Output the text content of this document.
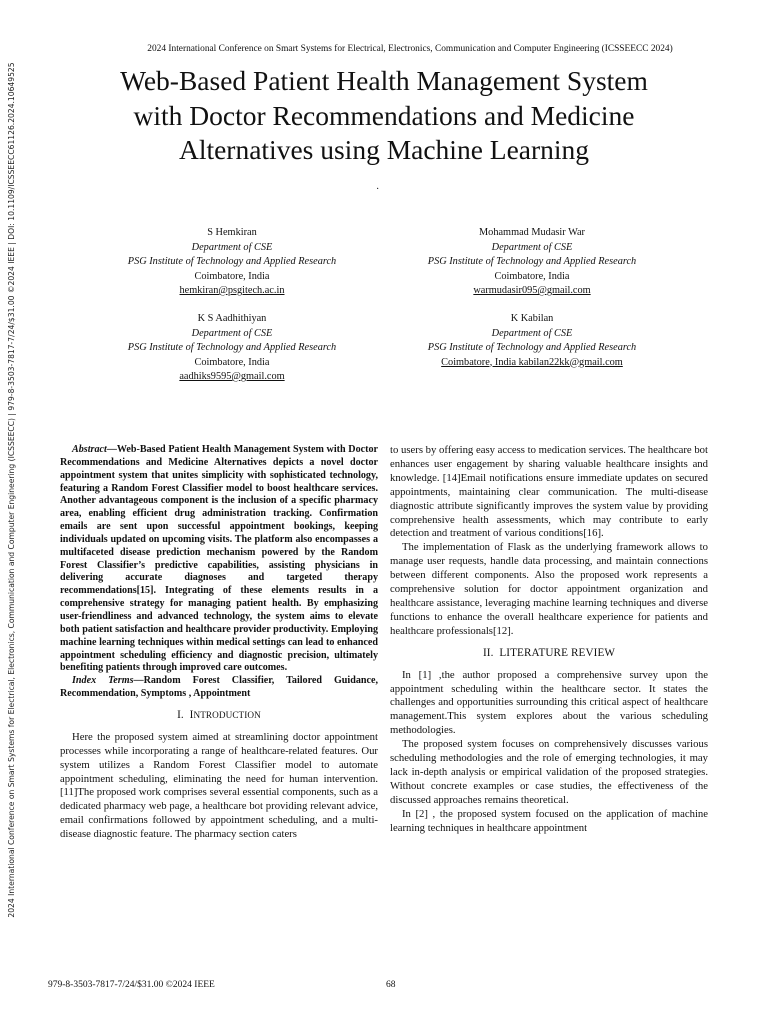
2024 International Conference on Smart Systems for Electrical, Electronics, Communication and Computer Engineering (ICSSEECC) | 979-8-3503-7817-7/24/$31.00 ©2024 IEEE | DOI: 10.1109/ICSSEECC61126.2024.10649525
2024 International Conference on Smart Systems for Electrical, Electronics, Communication and Computer Engineering (ICSSEECC 2024)
Web-Based Patient Health Management System
with Doctor Recommendations and Medicine
Alternatives using Machine Learning
·
S Hemkiran
Department of CSE
PSG Institute of Technology and Applied Research
Coimbatore, India
hemkiran@psgitech.ac.in
Mohammad Mudasir War
Department of CSE
PSG Institute of Technology and Applied Research
Coimbatore, India
warmudasir095@gmail.com
K S Aadhithiyan
Department of CSE
PSG Institute of Technology and Applied Research
Coimbatore, India
aadhiks9595@gmail.com
K Kabilan
Department of CSE
PSG Institute of Technology and Applied Research
Coimbatore, India kabilan22kk@gmail.com

Abstract—Web-Based Patient Health Management System with Doctor Recommendations and Medicine Alternatives depicts a novel doctor appointment system that unites simplicity with sophisticated technology, featuring a Random Forest Classifier model to boost healthcare services. Another advantageous component is the inclusion of a specific pharmacy area, enabling efficient drug administration tracking. Confirmation emails are sent upon successful appointment bookings, keeping individuals updated on upcoming visits. The platform also encompasses a multifaceted disease prediction mechanism powered by the Random Forest Classifier’s predictive capabilities, assisting physicians in delivering accurate diagnoses and targeted therapy recommendations[15]. Integrating of these elements results in a comprehensive strategy for managing patient health. By emphasizing user-friendliness and advanced technology, the system aims to elevate both patient satisfaction and healthcare provider productivity. Employing machine learning techniques within medical settings can lead to enhanced appointment scheduling efficiency and diagnostic precision, ultimately benefiting patients through improved care outcomes.

Index Terms—Random Forest Classifier, Tailored Guidance, Recommendation, Symptoms , Appointment

I. INTRODUCTION

Here the proposed system aimed at streamlining doctor appointment processes while incorporating a range of healthcare-related features. Our system utilizes a Random Forest Classifier model to automate appointment scheduling, eliminating the need for human intervention. [11]The proposed work comprises several essential components, such as a dedicated pharmacy web page, a healthcare bot providing relevant advice, email confirmations followed by appointment scheduling, and a multi-disease diagnostic feature. The pharmacy section caters

to users by offering easy access to medication services. The healthcare bot enhances user engagement by sharing valuable healthcare insights and knowledge. [14]Email notifications ensure immediate updates on secured appointments, maintaining clear communication. The multi-disease diagnostic attribute significantly improves the system value by providing comprehensive health assessments, which may contribute to early detection and treatment of various conditions[16].

The implementation of Flask as the underlying framework allows to manage user requests, handle data processing, and maintain connections between different components. Also the proposed work represents a comprehensive solution for doctor appointment organization and healthcare assistance, leveraging machine learning techniques and diverse functions to enhance the overall healthcare experience for patients and healthcare professionals[12].

II. LITERATURE REVIEW

In [1] ,the author proposed a comprehensive survey upon the appointment scheduling within the healthcare sector. It states the challenges and opportunities surrounding this critical aspect of healthcare management.This system explores about the various scheduling methodologies.

The proposed system focuses on comprehensively discusses various scheduling methodologies and the role of emerging technologies, it may lack in-depth analysis or empirical validation of the proposed strategies. Without concrete examples or case studies, the effectiveness of the discussed approaches remains theoretical.

In [2] , the proposed system focused on the application of machine learning techniques in healthcare appointment

979-8-3503-7817-7/24/$31.00 ©2024 IEEE	68
